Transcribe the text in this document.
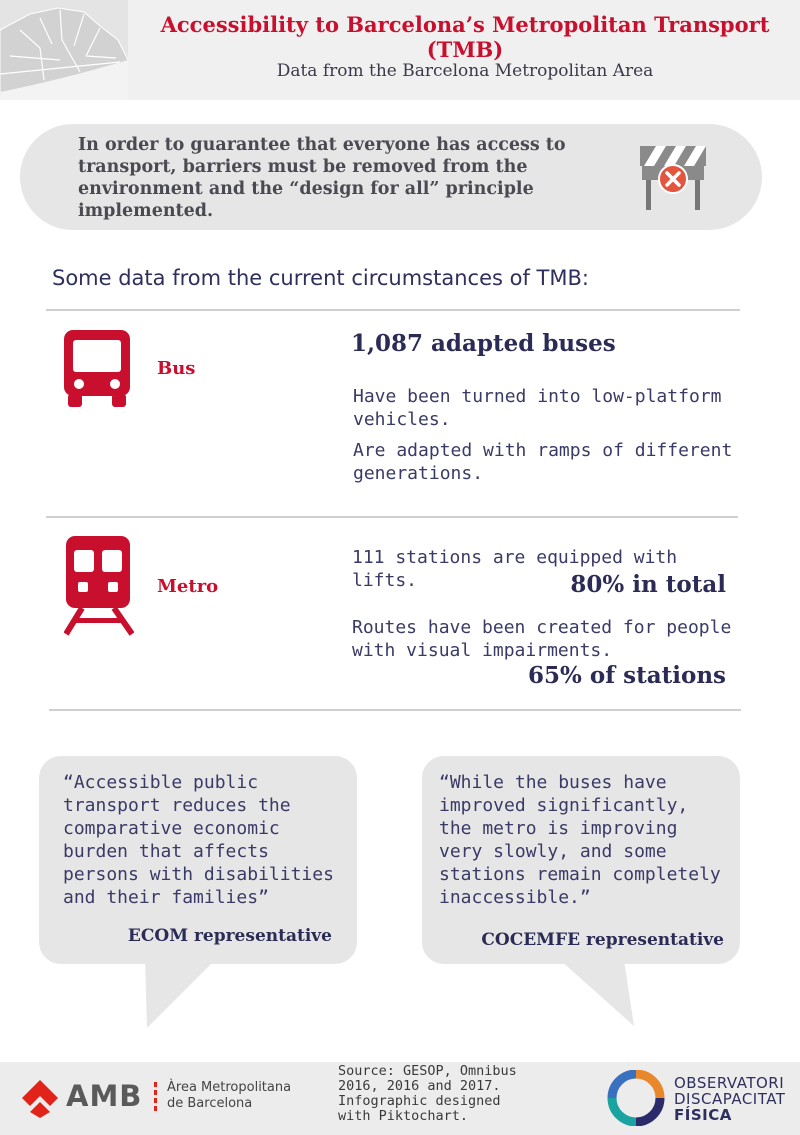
Accessibility to Barcelona’s Metropolitan Transport (TMB)
Data from the Barcelona Metropolitan Area
In order to guarantee that everyone has access to transport, barriers must be removed from the environment and the “design for all” principle implemented.
Some data from the current circumstances of TMB:
Bus
1,087 adapted buses
Have been turned into low-platform vehicles.
Are adapted with ramps of different generations.
Metro
111 stations are equipped with lifts.	80% in total
Routes have been created for people with visual impairments.
65% of stations
“Accessible public transport reduces the comparative economic burden that affects persons with disabilities and their families”
ECOM representative
“While the buses have improved significantly, the metro is improving very slowly, and some stations remain completely inaccessible.”
COCEMFE representative
AMB Àrea Metropolitana
de Barcelona
Source: GESOP, Omnibus 2016, 2016 and 2017. Infographic designed with Piktochart.
OBSERVATORI
DISCAPACITAT
FÍSICA
